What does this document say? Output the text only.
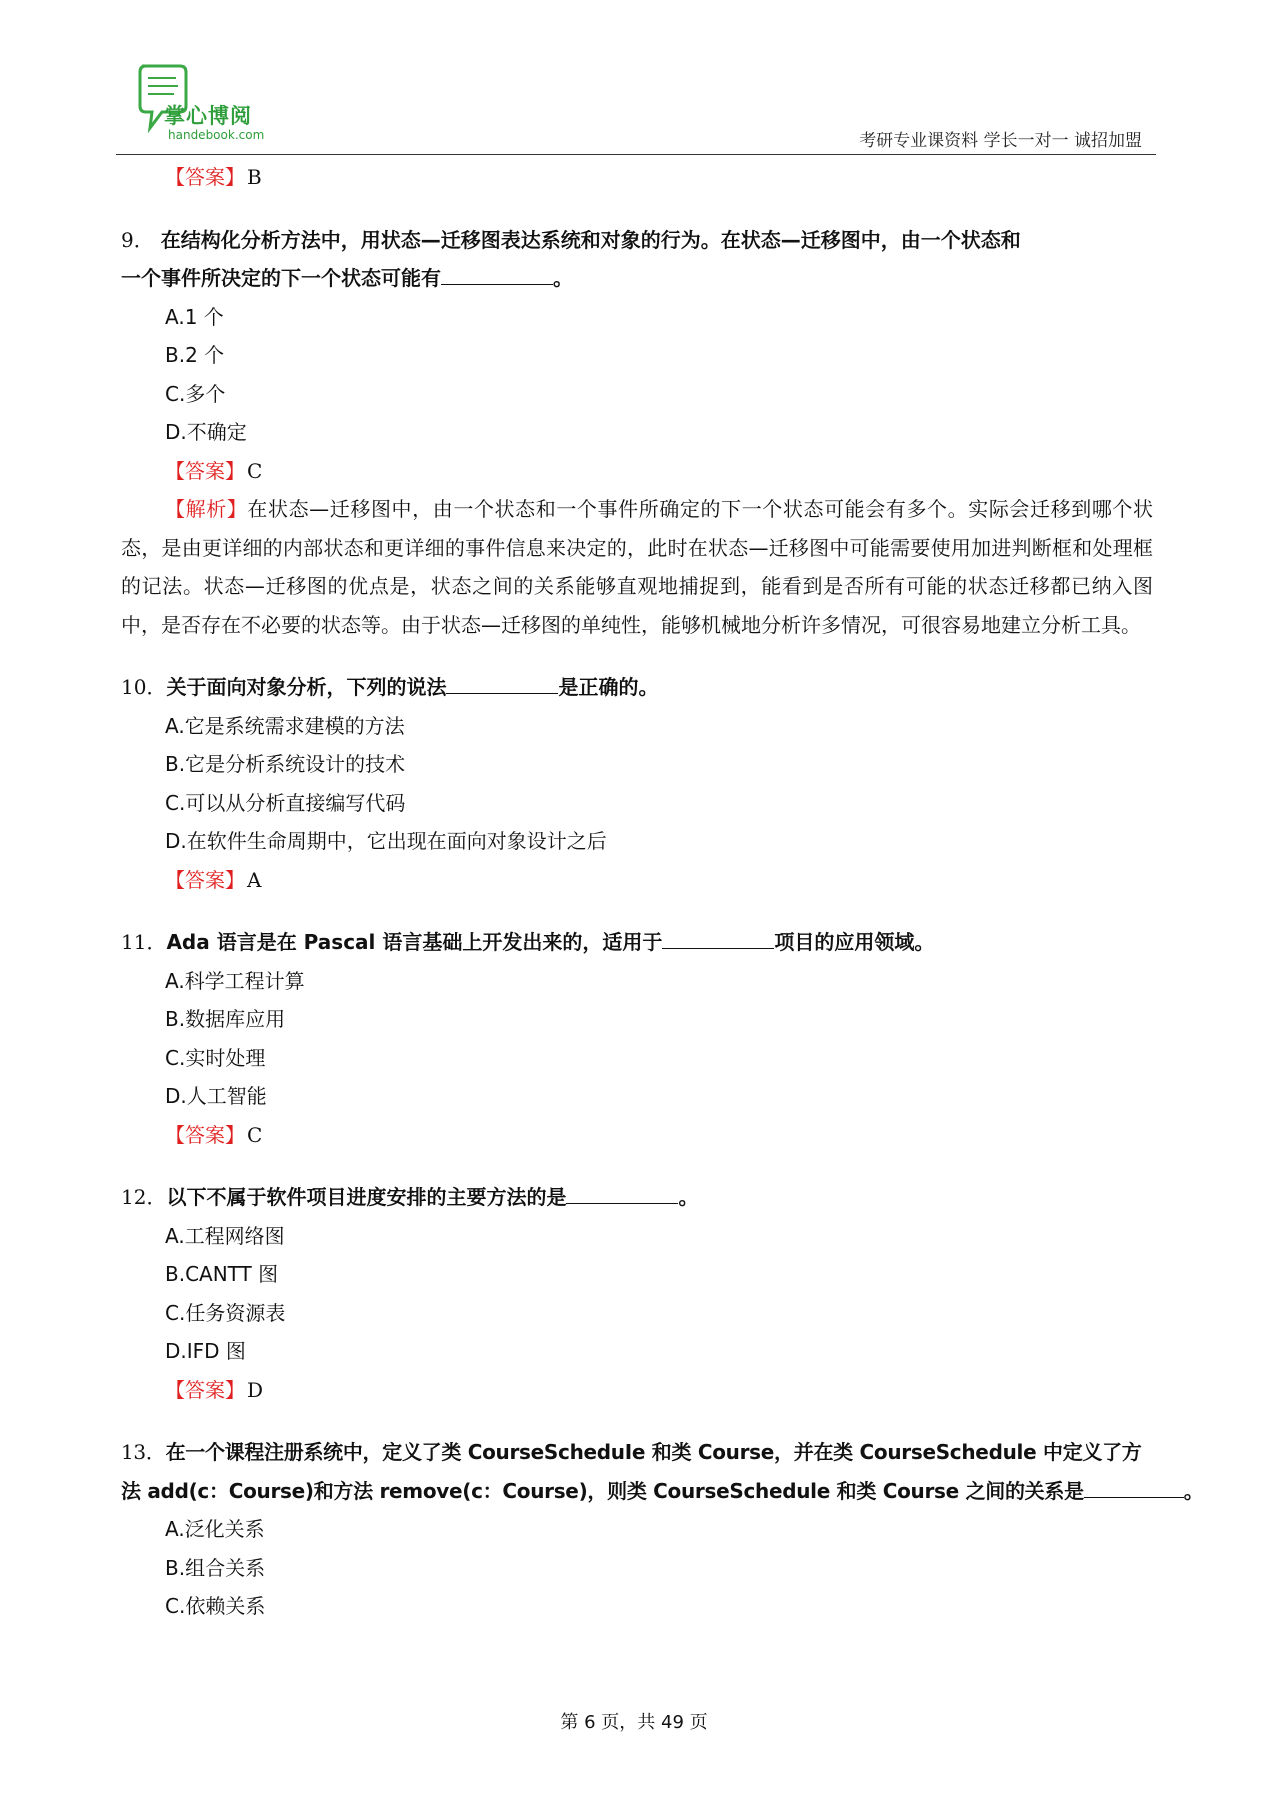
掌心博阅
handebook.com	考研专业课资料 学长一对一 诚招加盟
【答案】 B
9． 在结构化分析方法中，用状态—迁移图表达系统和对象的行为。在状态—迁移图中，由一个状态和
一个事件所决定的下一个状态可能有	。
A.1 个
B.2 个
C.多个
D.不确定
【答案】 C

【解析】在状态—迁移图中，由一个状态和一个事件所确定的下一个状态可能会有多个。实际会迁移到哪个状态，是由更详细的内部状态和更详细的事件信息来决定的，此时在状态—迁移图中可能需要使用加进判断框和处理框的记法。状态—迁移图的优点是，状态之间的关系能够直观地捕捉到，能看到是否所有可能的状态迁移都已纳入图中，是否存在不必要的状态等。由于状态—迁移图的单纯性，能够机械地分析许多情况，可很容易地建立分析工具。

10．关于面向对象分析，下列的说法	是正确的。
A.它是系统需求建模的方法
B.它是分析系统设计的技术
C.可以从分析直接编写代码
D.在软件生命周期中，它出现在面向对象设计之后
【答案】 A
11．Ada 语言是在 Pascal 语言基础上开发出来的，适用于	项目的应用领域。
A.科学工程计算
B.数据库应用
C.实时处理
D.人工智能
【答案】 C
12．以下不属于软件项目进度安排的主要方法的是	。
A.工程网络图
B.CANTT 图
C.任务资源表
D.IFD 图
【答案】 D
13．在一个课程注册系统中，定义了类 CourseScheduIe 和类 Course，并在类 CourseSchedule 中定义了方
法 add(c：Course)和方法 remove(c：Course)，则类 CourseSchedule 和类 Course 之间的关系是	。
A.泛化关系
B.组合关系
C.依赖关系
第 6 页，共 49 页
